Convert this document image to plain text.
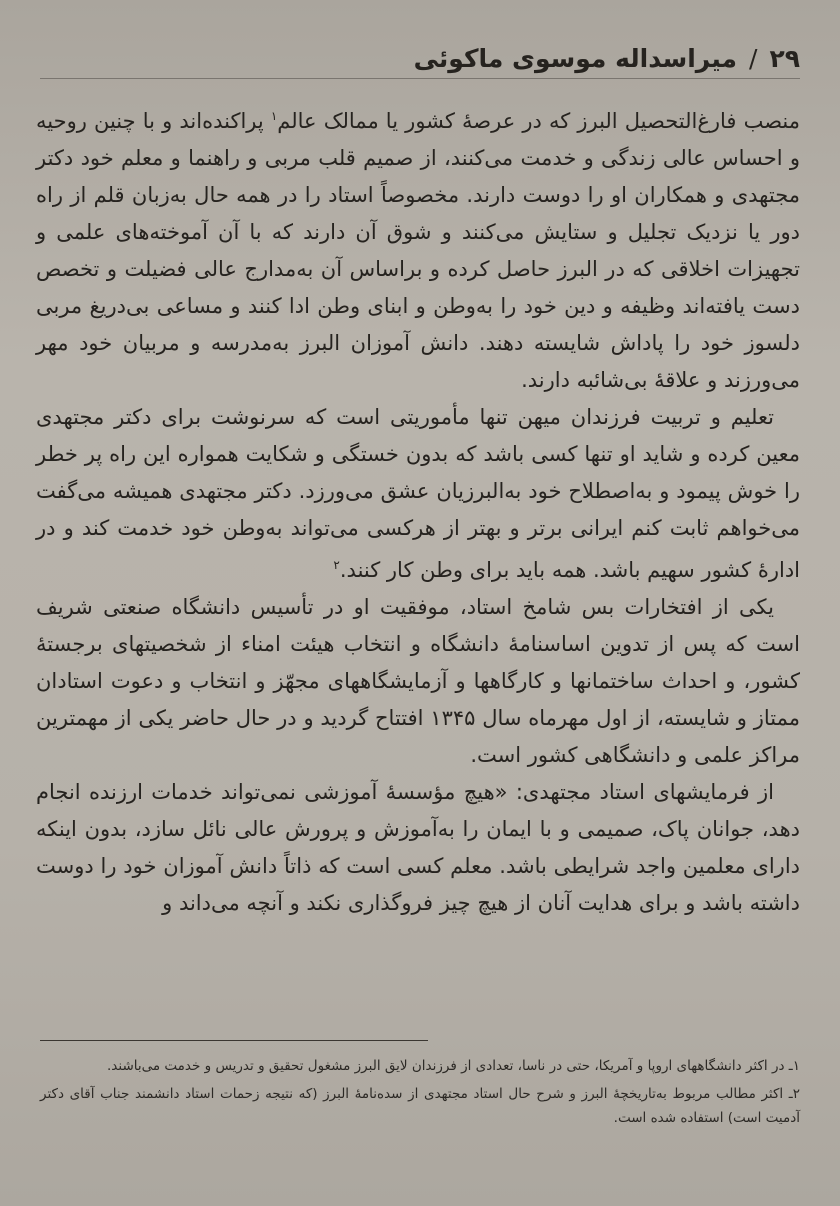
۲۹
/
میراسداله موسوی ماکوئی

منصب فارغ‌التحصیل البرز که در عرصهٔ کشور یا ممالک عالم$^۱$ پراکنده‌اند و با چنین روحیه و احساس عالی زندگی و خدمت می‌کنند، از صمیم قلب مربی و راهنما و معلم خود دکتر مجتهدی و همکاران او را دوست دارند. مخصوصاً استاد را در همه حال به‌زبان قلم از راه دور یا نزدیک تجلیل و ستایش می‌کنند و شوق آن دارند که با آن آموخته‌های علمی و تجهیزات اخلاقی که در البرز حاصل کرده و براساس آن به‌مدارج عالی فضیلت و تخصص دست یافته‌اند وظیفه و دین خود را به‌وطن و ابنای وطن ادا کنند و مساعی بی‌دریغ مربی دلسوز خود را پاداش شایسته دهند. دانش آموزان البرز به‌مدرسه و مربیان خود مهر می‌ورزند و علاقهٔ بی‌شائبه دارند.

تعلیم و تربیت فرزندان میهن تنها مأموریتی است که سرنوشت برای دکتر مجتهدی معین کرده و شاید او تنها کسی باشد که بدون خستگی و شکایت همواره این راه پر خطر را خوش پیمود و به‌اصطلاح خود به‌البرزیان عشق می‌ورزد. دکتر مجتهدی همیشه می‌گفت می‌خواهم ثابت کنم ایرانی برتر و بهتر از هرکسی می‌تواند به‌وطن خود خدمت کند و در ادارهٔ کشور سهیم باشد. همه باید برای وطن کار کنند.$^۲$

یکی از افتخارات بس شامخ استاد، موفقیت او در تأسیس دانشگاه صنعتی شریف است که پس از تدوین اساسنامهٔ دانشگاه و انتخاب هیئت امناء از شخصیتهای برجستهٔ کشور، و احداث ساختمانها و کارگاهها و آزمایشگاههای مجهّز و انتخاب و دعوت استادان ممتاز و شایسته، از اول مهرماه سال ۱۳۴۵ افتتاح گردید و در حال حاضر یکی از مهمترین مراکز علمی و دانشگاهی کشور است.

از فرمایشهای استاد مجتهدی: «هیچ مؤسسهٔ آموزشی نمی‌تواند خدمات ارزنده انجام دهد، جوانان پاک، صمیمی و با ایمان را به‌آموزش و پرورش عالی نائل سازد، بدون اینکه دارای معلمین واجد شرایطی باشد. معلم کسی است که ذاتاً دانش آموزان خود را دوست داشته باشد و برای هدایت آنان از هیچ چیز فروگذاری نکند و آنچه می‌داند و

۱ـ در اکثر دانشگاههای اروپا و آمریکا، حتی در ناسا، تعدادی از فرزندان لایق البرز مشغول تحقیق و تدریس و خدمت می‌باشند.

۲ـ اکثر مطالب مربوط به‌تاریخچهٔ البرز و شرح حال استاد مجتهدی از سده‌نامهٔ البرز (که نتیجه زحمات استاد دانشمند جناب آقای دکتر آدمیت است) استفاده شده است.
